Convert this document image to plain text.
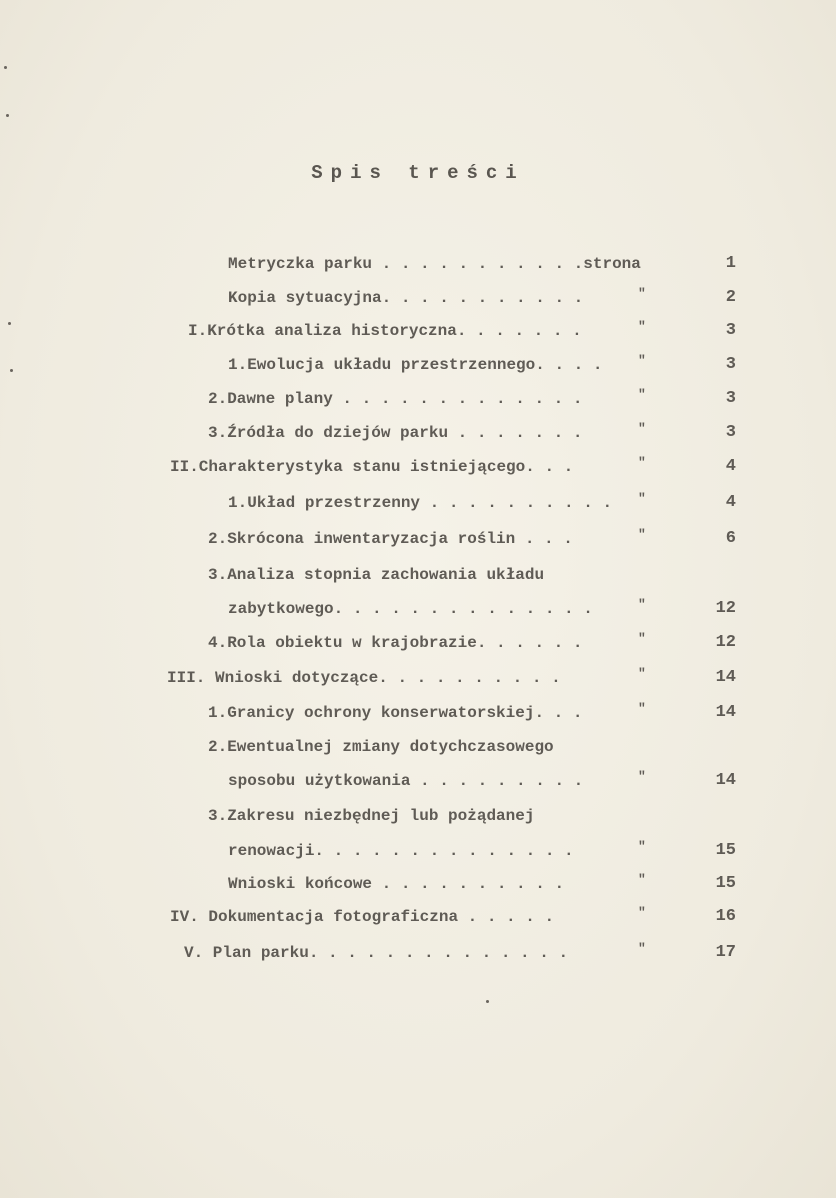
Spis treści
Metryczka parku . . . . . . . . . . .strona	1
Kopia sytuacyjna. . . . . . . . . . .	"	2
I.Krótka analiza historyczna. . . . . . .	"	3
1.Ewolucja układu przestrzennego. . . .	"	3
2.Dawne plany . . . . . . . . . . . . .	"	3
3.Źródła do dziejów parku . . . . . . .	"	3
II.Charakterystyka stanu istniejącego. . .	"	4
1.Układ przestrzenny . . . . . . . . . . "	4
2.Skrócona inwentaryzacja roślin . . .	"	6
3.Analiza stopnia zachowania układu
zabytkowego. . . . . . . . . . . . . .	"	12
4.Rola obiektu w krajobrazie. . . . . .	"	12
III. Wnioski dotyczące. . . . . . . . . .	"	14
1.Granicy ochrony konserwatorskiej. . .	"	14
2.Ewentualnej zmiany dotychczasowego
sposobu użytkowania . . . . . . . . .	"	14
3.Zakresu niezbędnej lub pożądanej
renowacji. . . . . . . . . . . . . .	"	15
Wnioski końcowe . . . . . . . . . .	"	15
IV. Dokumentacja fotograficzna . . . . .	"	16
V. Plan parku. . . . . . . . . . . . . .	"	17
